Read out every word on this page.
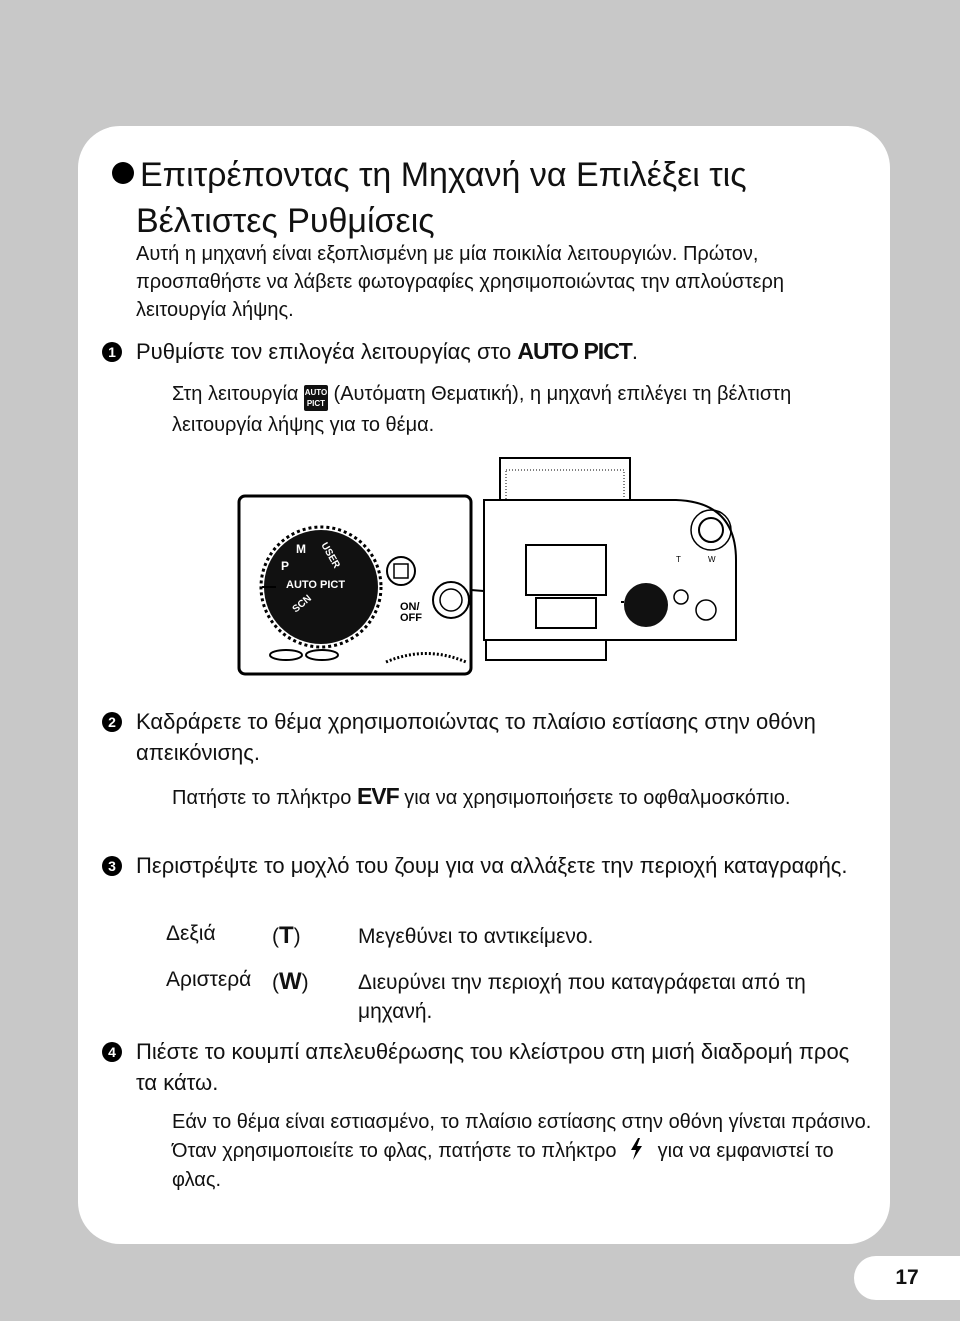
Επιτρέποντας τη Μηχανή να Επιλέξει τις
Βέλτιστες Ρυθμίσεις
Αυτή η μηχανή είναι εξοπλισμένη με μία ποικιλία λειτουργιών. Πρώτον, προσπαθήστε να λάβετε φωτογραφίες χρησιμοποιώντας την απλούστερη λειτουργία λήψης.
1 Ρυθμίστε τον επιλογέα λειτουργίας στο AUTO PICT.
Στη λειτουργία AUTO
PICT (Αυτόματη Θεματική), η μηχανή επιλέγει τη βέλτιστη λειτουργία λήψης για το θέμα.
AUTO PICT
SCN
P
M USER
ON/
OFF
T	W
2 Καδράρετε το θέμα χρησιμοποιώντας το πλαίσιο εστίασης στην οθόνη απεικόνισης.
Πατήστε το πλήκτρο EVF για να χρησιμοποιήσετε το οφθαλμοσκόπιο.
3 Περιστρέψτε το μοχλό του ζουμ για να αλλάξετε την περιοχή καταγραφής.
Δεξιά	(T)	Μεγεθύνει το αντικείμενο.
Αριστερά (W)	Διευρύνει την περιοχή που καταγράφεται από τη μηχανή.
4 Πιέστε το κουμπί απελευθέρωσης του κλείστρου στη μισή διαδρομή προς τα κάτω.
Εάν το θέμα είναι εστιασμένο, το πλαίσιο εστίασης στην οθόνη γίνεται πράσινο.
Όταν χρησιμοποιείτε το φλας, πατήστε το πλήκτρο για να εμφανιστεί το φλας.
17
